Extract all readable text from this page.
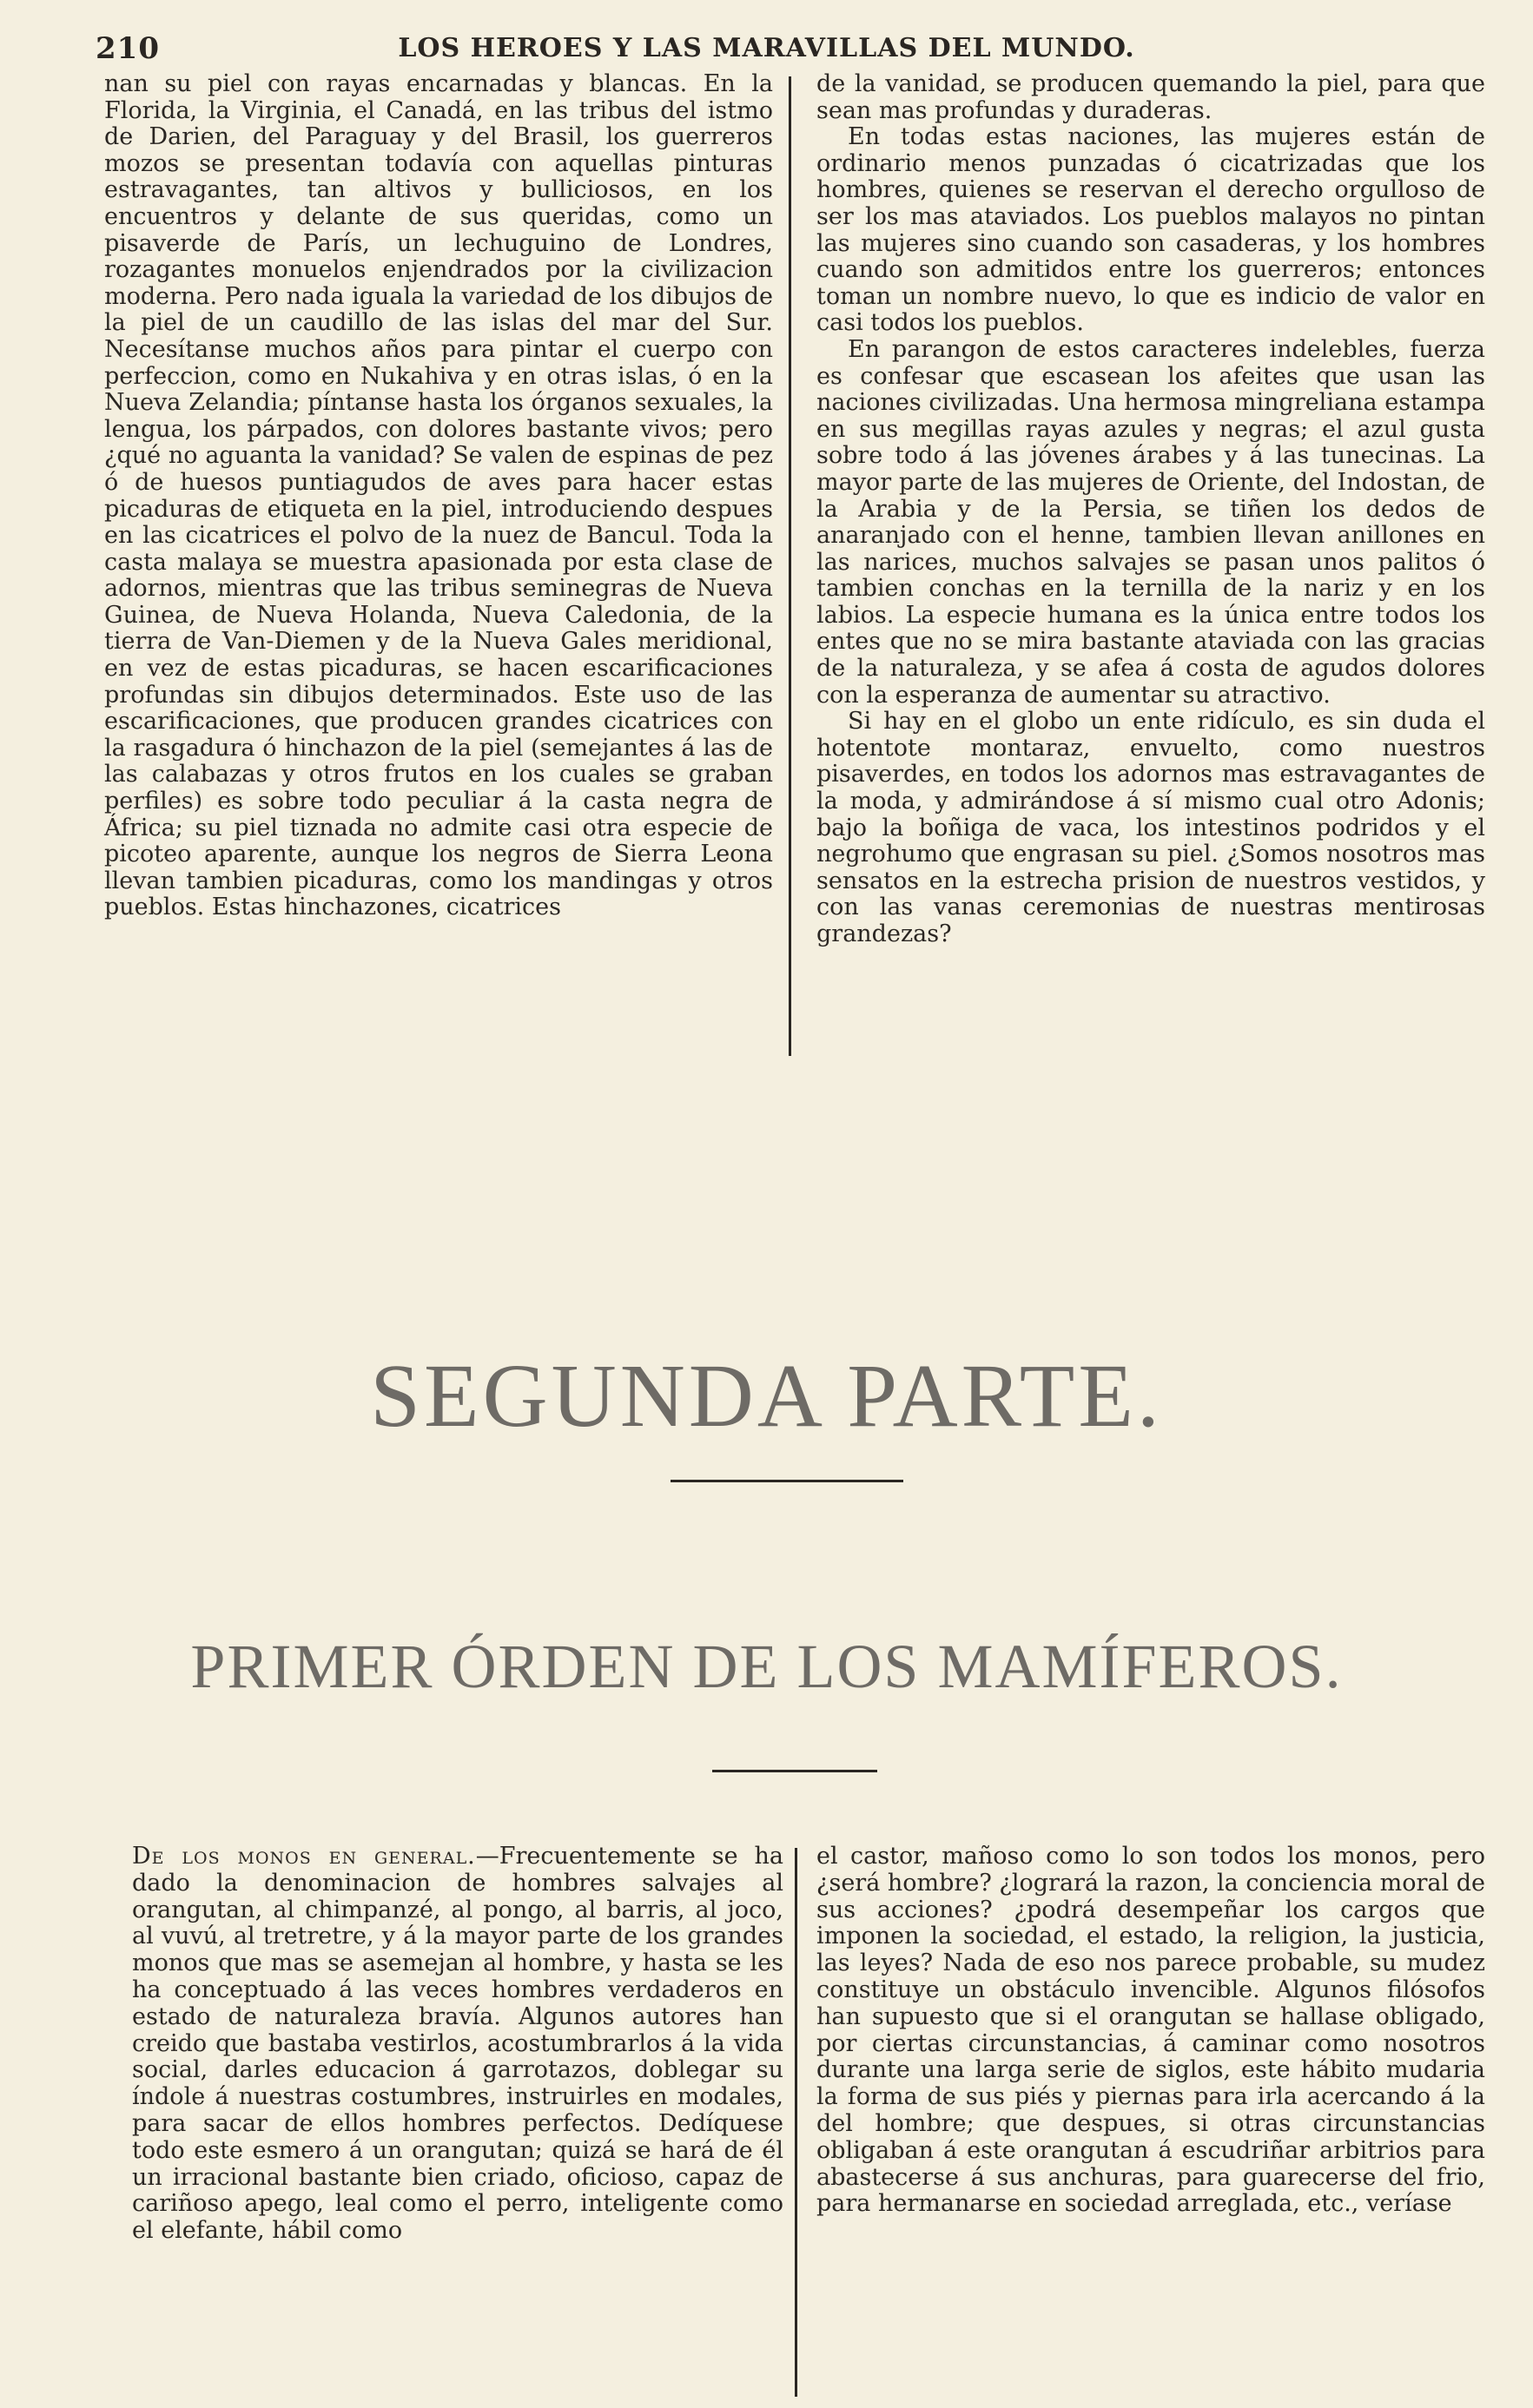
210	LOS HEROES Y LAS MARAVILLAS DEL MUNDO.

nan su piel con rayas encarnadas y blancas. En la Florida, la Virginia, el Canadá, en las tribus del istmo de Darien, del Paraguay y del Brasil, los guerreros mozos se presentan todavía con aquellas pinturas estravagantes, tan altivos y bulliciosos, en los encuentros y delante de sus queridas, como un pisaverde de París, un lechuguino de Londres, rozagantes monuelos enjendrados por la civilizacion moderna. Pero nada iguala la variedad de los dibujos de la piel de un caudillo de las islas del mar del Sur. Necesítanse muchos años para pintar el cuerpo con perfeccion, como en Nukahiva y en otras islas, ó en la Nueva Zelandia; píntanse hasta los órganos sexuales, la lengua, los párpados, con dolores bastante vivos; pero ¿qué no aguanta la vanidad? Se valen de espinas de pez ó de huesos puntiagudos de aves para hacer estas picaduras de etiqueta en la piel, introduciendo despues en las cicatrices el polvo de la nuez de Bancul. Toda la casta malaya se muestra apasionada por esta clase de adornos, mientras que las tribus seminegras de Nueva Guinea, de Nueva Holanda, Nueva Caledonia, de la tierra de Van-Diemen y de la Nueva Gales meridional, en vez de estas picaduras, se hacen escarificaciones profundas sin dibujos determinados. Este uso de las escarificaciones, que producen grandes cicatrices con la rasgadura ó hinchazon de la piel (semejantes á las de las calabazas y otros frutos en los cuales se graban perfiles) es sobre todo peculiar á la casta negra de África; su piel tiznada no admite casi otra especie de picoteo aparente, aunque los negros de Sierra Leona llevan tambien picaduras, como los mandingas y otros pueblos. Estas hinchazones, cicatrices

de la vanidad, se producen quemando la piel, para que sean mas profundas y duraderas.

En todas estas naciones, las mujeres están de ordinario menos punzadas ó cicatrizadas que los hombres, quienes se reservan el derecho orgulloso de ser los mas ataviados. Los pueblos malayos no pintan las mujeres sino cuando son casaderas, y los hombres cuando son admitidos entre los guerreros; entonces toman un nombre nuevo, lo que es indicio de valor en casi todos los pueblos.

En parangon de estos caracteres indelebles, fuerza es confesar que escasean los afeites que usan las naciones civilizadas. Una hermosa mingreliana estampa en sus megillas rayas azules y negras; el azul gusta sobre todo á las jóvenes árabes y á las tunecinas. La mayor parte de las mujeres de Oriente, del Indostan, de la Arabia y de la Persia, se tiñen los dedos de anaranjado con el henne, tambien llevan anillones en las narices, muchos salvajes se pasan unos palitos ó tambien conchas en la ternilla de la nariz y en los labios. La especie humana es la única entre todos los entes que no se mira bastante ataviada con las gracias de la naturaleza, y se afea á costa de agudos dolores con la esperanza de aumentar su atractivo.

Si hay en el globo un ente ridículo, es sin duda el hotentote montaraz, envuelto, como nuestros pisaverdes, en todos los adornos mas estravagantes de la moda, y admirándose á sí mismo cual otro Adonis; bajo la boñiga de vaca, los intestinos podridos y el negrohumo que engrasan su piel. ¿Somos nosotros mas sensatos en la estrecha prision de nuestros vestidos, y con las vanas ceremonias de nuestras mentirosas grandezas?

SEGUNDA PARTE.
PRIMER ÓRDEN DE LOS MAMÍFEROS.

De los monos en general.—Frecuentemente se ha dado la denominacion de hombres salvajes al orangutan, al chimpanzé, al pongo, al barris, al joco, al vuvú, al tretretre, y á la mayor parte de los grandes monos que mas se asemejan al hombre, y hasta se les ha conceptuado á las veces hombres verdaderos en estado de naturaleza bravía. Algunos autores han creido que bastaba vestirlos, acostumbrarlos á la vida social, darles educacion á garrotazos, doblegar su índole á nuestras costumbres, instruirles en modales, para sacar de ellos hombres perfectos. Dedíquese todo este esmero á un orangutan; quizá se hará de él un irracional bastante bien criado, oficioso, capaz de cariñoso apego, leal como el perro, inteligente como el elefante, hábil como

el castor, mañoso como lo son todos los monos, pero ¿será hombre? ¿logrará la razon, la conciencia moral de sus acciones? ¿podrá desempeñar los cargos que imponen la sociedad, el estado, la religion, la justicia, las leyes? Nada de eso nos parece probable, su mudez constituye un obstáculo invencible. Algunos filósofos han supuesto que si el orangutan se hallase obligado, por ciertas circunstancias, á caminar como nosotros durante una larga serie de siglos, este hábito mudaria la forma de sus piés y piernas para irla acercando á la del hombre; que despues, si otras circunstancias obligaban á este orangutan á escudriñar arbitrios para abastecerse á sus anchuras, para guarecerse del frio, para hermanarse en sociedad arreglada, etc., veríase
